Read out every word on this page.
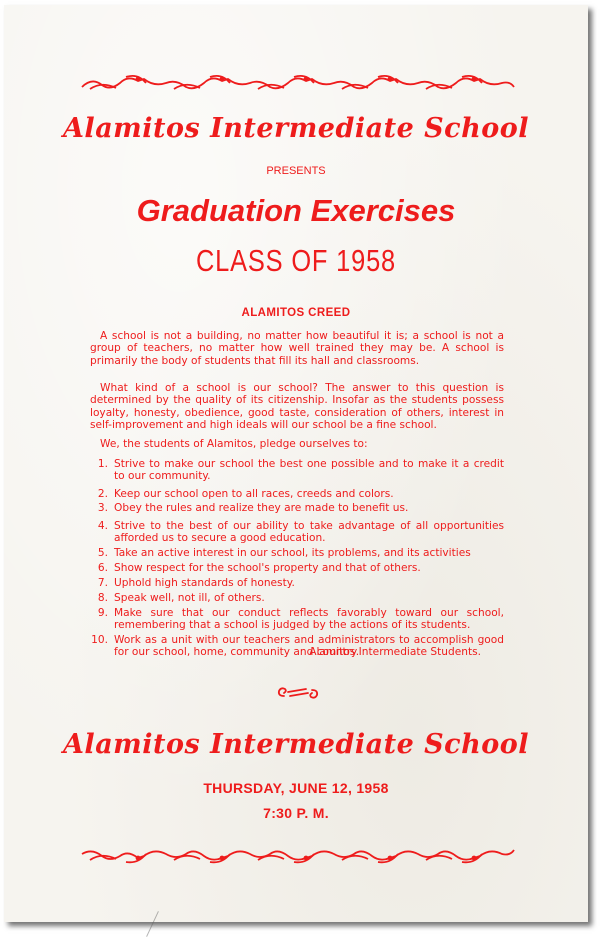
Alamitos Intermediate School
PRESENTS
Graduation Exercises
CLASS OF 1958
ALAMITOS CREED

A school is not a building, no matter how beautiful it is; a school is not a group of teachers, no matter how well trained they may be. A school is primarily the body of students that fill its hall and classrooms.

What kind of a school is our school? The answer to this question is determined by the quality of its citizenship. Insofar as the students possess loyalty, honesty, obedience, good taste, consideration of others, interest in self-improvement and high ideals will our school be a fine school.

We, the students of Alamitos, pledge ourselves to:

1. Strive to make our school the best one possible and to make it a credit to our community.
2. Keep our school open to all races, creeds and colors.
3. Obey the rules and realize they are made to benefit us.
4. Strive to the best of our ability to take advantage of all opportunities afforded us to secure a good education.
5. Take an active interest in our school, its problems, and its activities
6. Show respect for the school's property and that of others.
7. Uphold high standards of honesty.
8. Speak well, not ill, of others.
9. Make sure that our conduct reflects favorably toward our school, remembering that a school is judged by the actions of its students.
10. Work as a unit with our teachers and administrators to accomplish good for our school, home, community and country.
Alamitos Intermediate Students.
Alamitos Intermediate School
THURSDAY, JUNE 12, 1958
7:30 P. M.
